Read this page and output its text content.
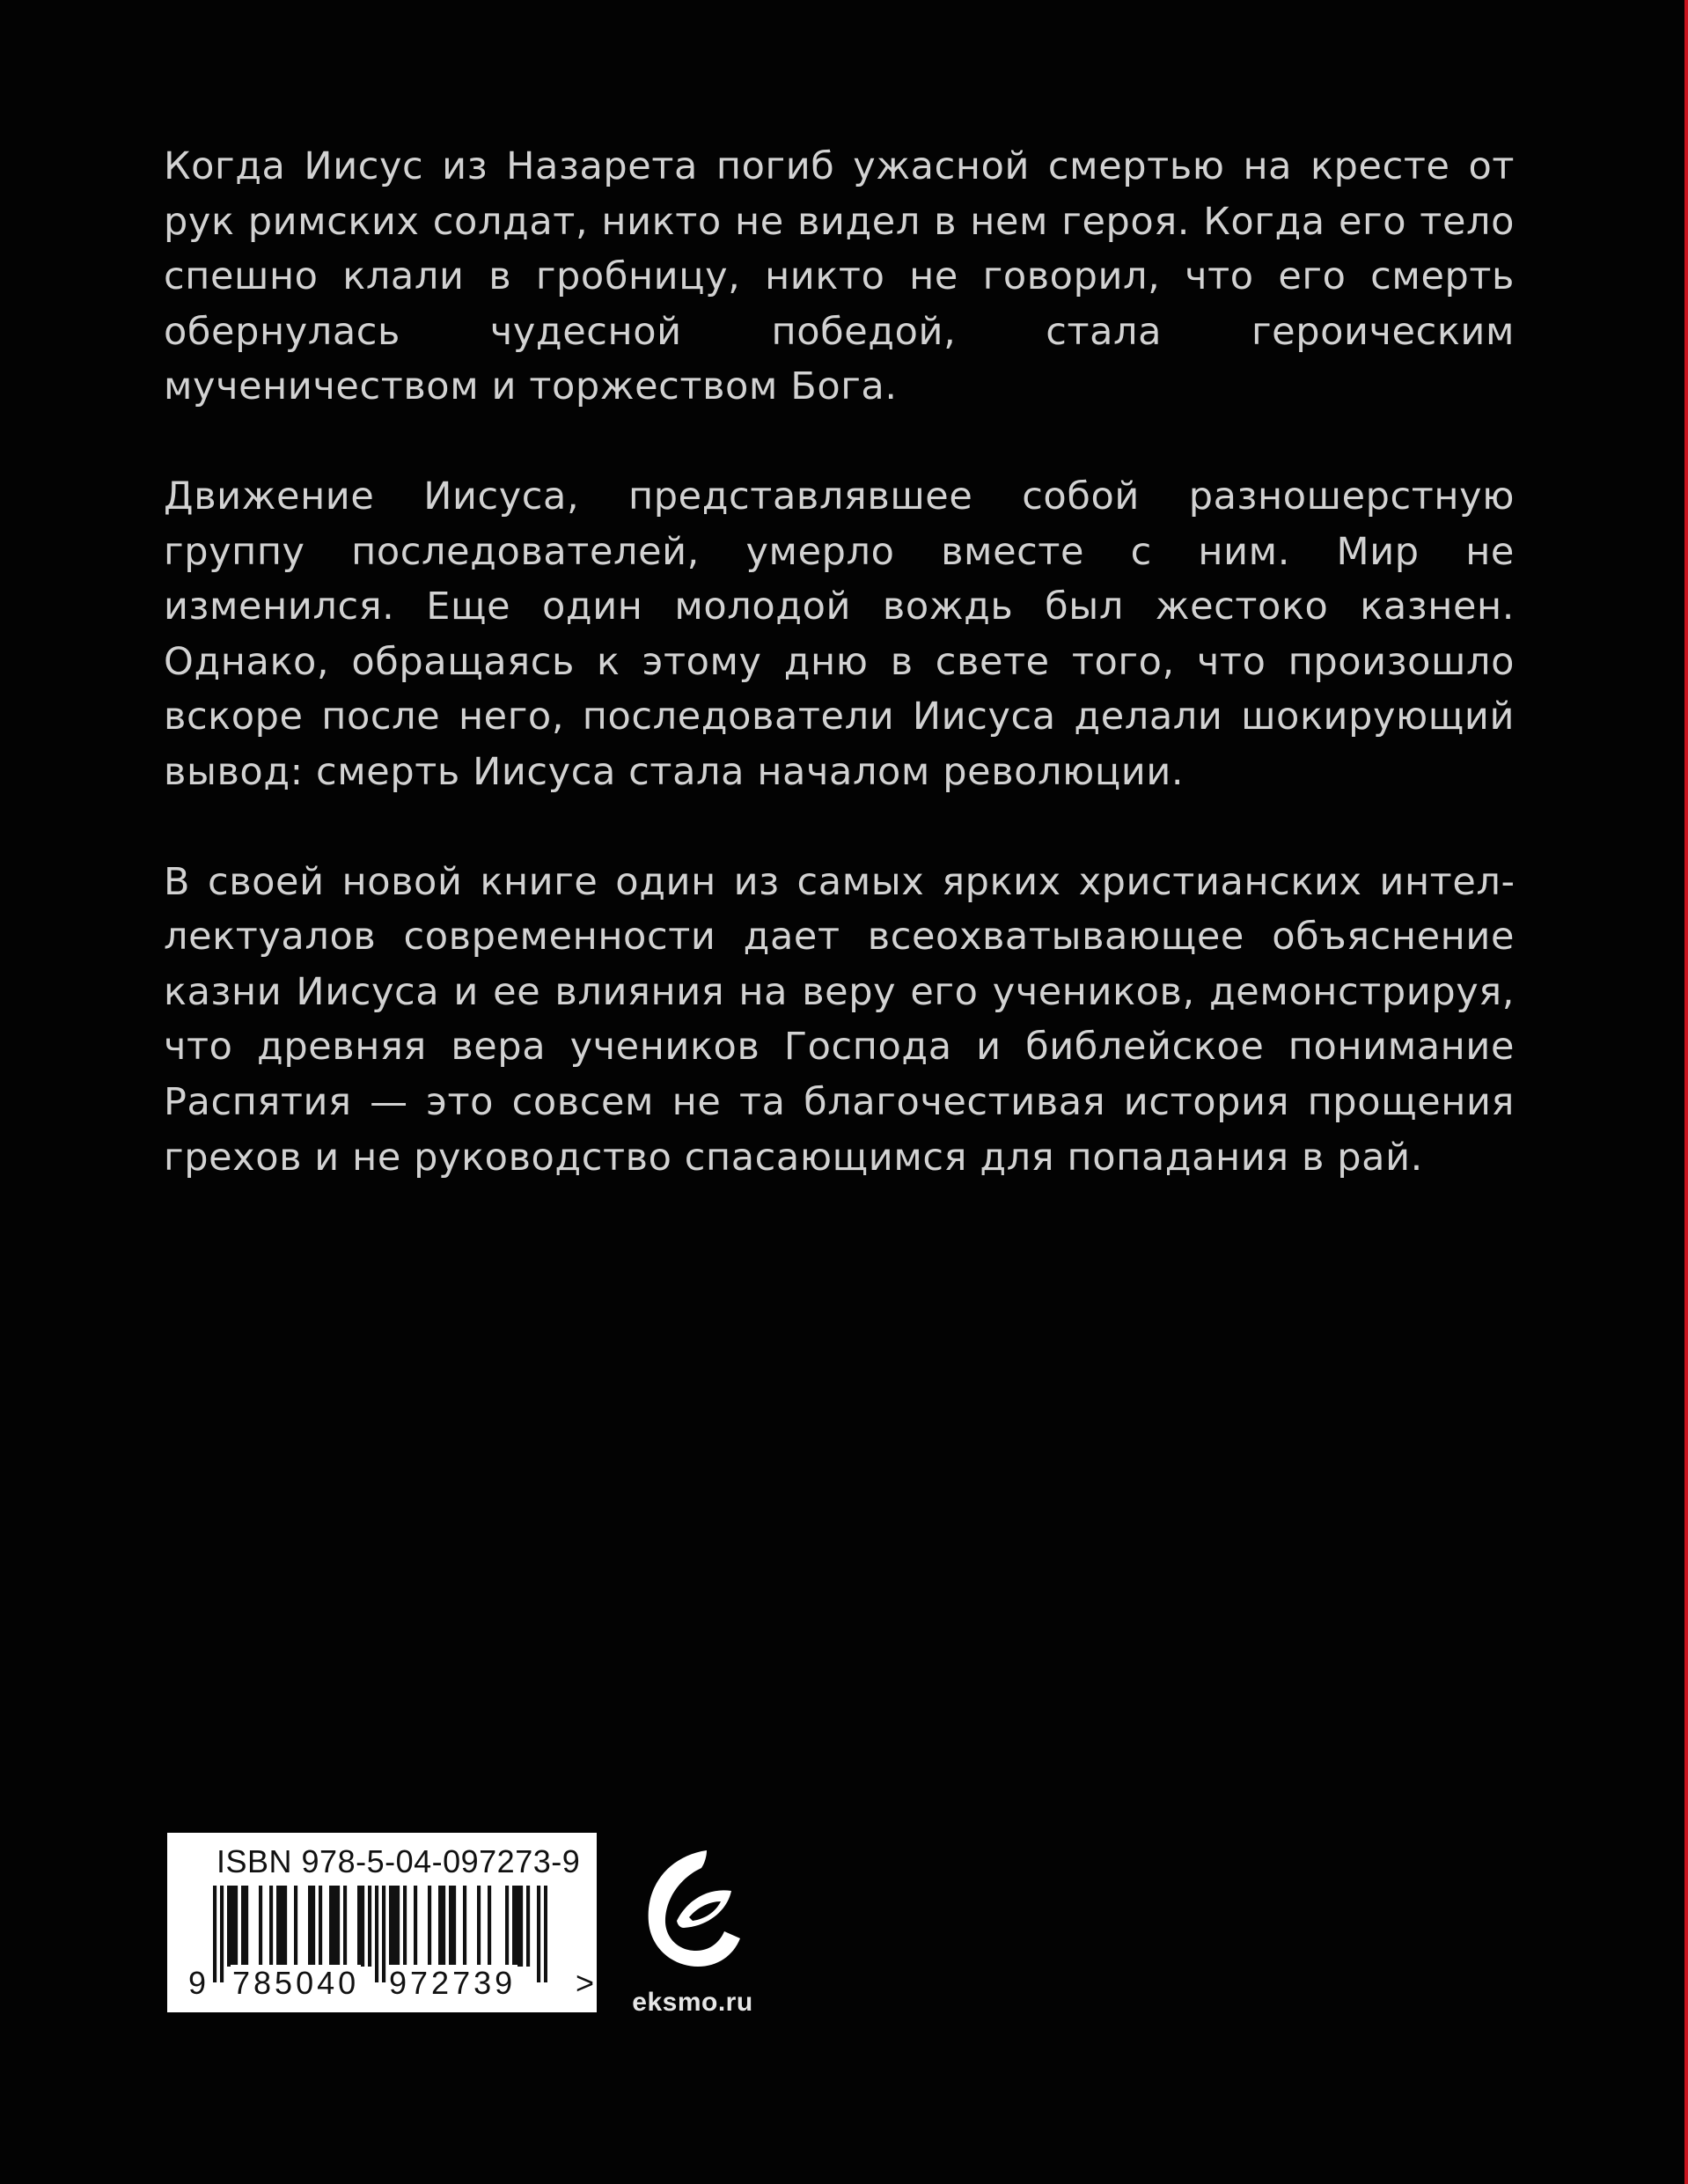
Когда Иисус из Назарета погиб ужасной смертью на кресте от рук римских солдат, никто не видел в нем героя. Когда его тело спешно клали в гробницу, никто не говорил, что его смерть обернулась чудесной победой, стала героическим мученичеством и торжеством Бога.

Движение Иисуса, представлявшее собой разношерстную группу последователей, умерло вместе с ним. Мир не изменился. Еще один молодой вождь был жестоко казнен. Однако, обращаясь к этому дню в свете того, что произошло вскоре после него, последователи Иисуса делали шокирующий вывод: смерть Иисуса стала началом революции.

В своей новой книге один из самых ярких христианских интеллектуалов современности дает всеохватывающее объяснение казни Иисуса и ее влияния на веру его учеников, демонстрируя, что древняя вера учеников Господа и библейское понимание Распятия — это совсем не та благочестивая история прощения грехов и не руководство спасающимся для попадания в рай.

ISBN 978-5-04-097273-9
9 785040 972739 >
eksmo.ru
